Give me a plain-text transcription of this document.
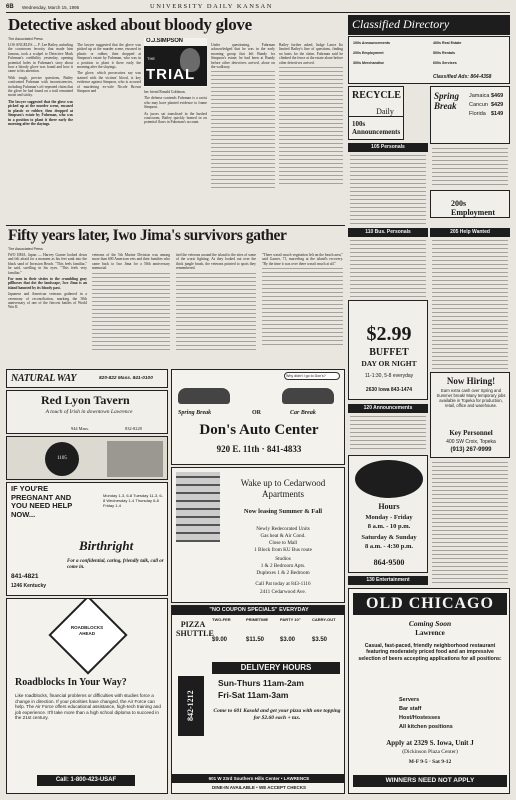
6B Wednesday, March 15, 1995	UNIVERSITY DAILY KANSAN
Detective asked about bloody glove
The Associated Press
LOS ANGELES — F. Lee Bailey, unfurling the courtroom ferocity that made him famous, took a scalpel to Detective Mark Fuhrman's credibility yesterday, opening potential holes in Fuhrman's story about how a bloody glove was found and how it came to his attention.
With tough, precise questions, Bailey confronted Fuhrman with inconsistencies, including Fuhrman's oft-repeated claim that the glove he had found on a trail remained moist and sticky.
The lawyer suggested that the glove was picked up at the murder scene, encased in plastic or rubber, then dropped at Simpson's estate by Fuhrman, who was in a position to plant it there early the morning after the slayings.
The lawyer suggested that the glove was picked up at the murder scene, encased in plastic or rubber, then dropped at Simpson's estate by Fuhrman, who was in a position to plant it there early the morning after the slayings.
The glove, which prosecutors say was stained with the victims' blood, is key evidence against Simpson, who is accused of murdering ex-wife Nicole Brown Simpson and
O.J.SIMPSON
THE
TRIAL
her friend Ronald Goldman.
The defense contends Fuhrman is a racist who may have planted evidence to frame Simpson.
As jurors sat transfixed in the hushed courtroom, Bailey quickly homed in on potential flaws in Fuhrman's account.
Under questioning, Fuhrman acknowledged that he was in the early morning group that left Bundy for Simpson's estate; he had been at Bundy before other detectives arrived, alone on the walkway.
Bailey further asked, Judge Lance Ito limited Bailey's line of questions, finding no basis for the claim. Fuhrman said he climbed the fence at the estate alone before other detectives arrived.
Fifty years later, Iwo Jima's survivors gather
The Associated Press
IWO JIMA, Japan — Harvey Garner looked down and felt afraid for a moment as his feet sank into the black sand of Invasion Beach. "This feels familiar," he said, swelling in his eyes. "This feels very familiar."
For men in their sixties to the crumbling gray pillboxes that dot the landscape, Iwo Jima is an island haunted by its bloody past.
Japanese and American veterans gathered in a ceremony of reconciliation, marking the 50th anniversary of one of the fiercest battles of World War II.
veterans of the 5th Marine Division was among more than 600 American vets and their families who came back to Iwo Jima for a 50th anniversary memorial.
tied the veterans around the island to the sites of some of the worst fighting. As they looked out over the thick jungle brush, the veterans pointed to spots they remembered.
"There wasn't much vegetation left on the beach area," said Garner, 71, marveling at the island's recovery. "By the time it was over there wasn't much at all."
NATURAL WAY	820-822 Mass. 841-0100
Red Lyon Tavern
A touch of Irish in downtown Lawrence
944 Mass.	832-8228
1105
IF YOU'RE PREGNANT AND YOU NEED HELP NOW...
Birthright
For a confidential, caring, friendly talk, call or come in.
841-4821
1246 Kentucky
Monday 1-3, 6-8 Tuesday 11-3, 6-8 Wednesday 1-4 Thursday 6-8 Friday 1-4
ROADBLOCKS AHEAD
Roadblocks In Your Way?
Like roadblocks, financial problems or difficulties with studies force a change in direction. If your priorities have changed, the Air Force can help. The Air Force offers educational assistance, high-tech training and job experience. It'll take more than a high school diploma to succeed in the 21st century.
Call: 1-800-423-USAF
Why didn't I go to Don's?
Spring Break	OR	Car Break
Don's Auto Center
920 E. 11th · 841-4833
Wake up to Cedarwood Apartments
Now leasing Summer & Fall
Newly Redecorated Units
Gas heat & Air Cond.
Close to Mall
1 Block from KU Bus route
Studios
1 & 2 Bedroom Apts.
Duplexes 1 & 2 Bedroom
Call Pat today at 843-1116
2411 Cedarwood Ave.
"NO COUPON SPECIALS" EVERYDAY
TWO-FER
$9.00
PRIMETIME
$11.50
PARTY 10"
$3.00
CARRY-OUT
$3.50
PIZZA SHUTTLE
842-1212
DELIVERY HOURS
Sun-Thurs 11am-2am
Fri-Sat 11am-3am
Come to 601 Kasold and get your pizza with one topping for $2.60 each + tax.
601 W 23rd Southern Hills Center • LAWRENCE
DINE-IN AVAILABLE • WE ACCEPT CHECKS
Classified Directory
100s Announcements
200s Employment
300s Merchandise
400s Real Estate
500s Rentals
600s Services
Classified Ads: 864-4358
RECYCLE
Daily
100s Announcements
105 Personals
110 Bus. Personals
Spring Break
Jamaica $469
Cancun $429
Florida $149
200s Employment
205 Help Wanted
$2.99
BUFFET
DAY OR NIGHT
11-1:30, 5-8 everyday
2630 Iowa 843-1474
Now Hiring!
Earn extra cash over Spring and Summer break! Many temporary jobs available in Topeka for production, retail, office and warehouse.
Key Personnel
400 SW Croix, Topeka
(913) 267-9999
120 Announcements
Hours
Monday - Friday
8 a.m. - 10 p.m.
Saturday & Sunday
8 a.m. - 4:30 p.m.
864-9500
130 Entertainment
OLD CHICAGO
Coming Soon
Lawrence
Casual, fast-paced, friendly neighborhood restaurant featuring moderately priced food and an impressive selection of beers accepting applications for all positions:
Servers
Bar staff
Host/Hostesses
All kitchen positions
Apply at 2329 S. Iowa, Unit J
(Dickinson Plaza Center)
M-F 9-5 · Sat 9-12
WINNERS NEED NOT APPLY
